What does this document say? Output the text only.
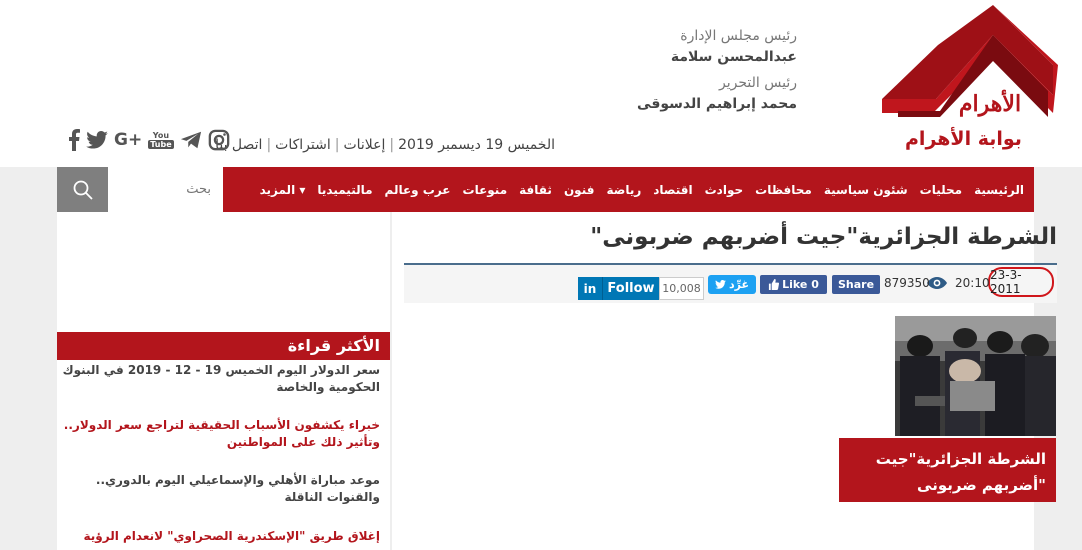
الأهرام
بوابة الأهرام
رئيس مجلس الإدارة
عبدالمحسن سلامة
رئيس التحرير
محمد إبراهيم الدسوقى
الخميس 19 ديسمبر 2019|إعلانات|اشتراكات|اتصل بنا
G+ You
Tube
الرئيسية
محليات
شئون سياسية
محافظات
حوادث
اقتصاد
رياضة
فنون
ثقافة
منوعات
عرب وعالم
مالتيميديا
المزيد ▾
بحث
الشرطة الجزائرية"جيت أضربهم ضربونى"
23-3-2011
20:10
879350
Share
Like 0
غرِّد
10,008
Follow
in
الشرطة الجزائرية"جيت "أضربهم ضربونى
الأكثر قراءة
سعر الدولار اليوم الخميس 19 - 12 - 2019 في البنوك الحكومية والخاصة
خبراء يكشفون الأسباب الحقيقية لتراجع سعر الدولار.. وتأثير ذلك على المواطنين
موعد مباراة الأهلي والإسماعيلي اليوم بالدوري.. والقنوات الناقلة
إغلاق طريق "الإسكندرية الصحراوي" لانعدام الرؤية
